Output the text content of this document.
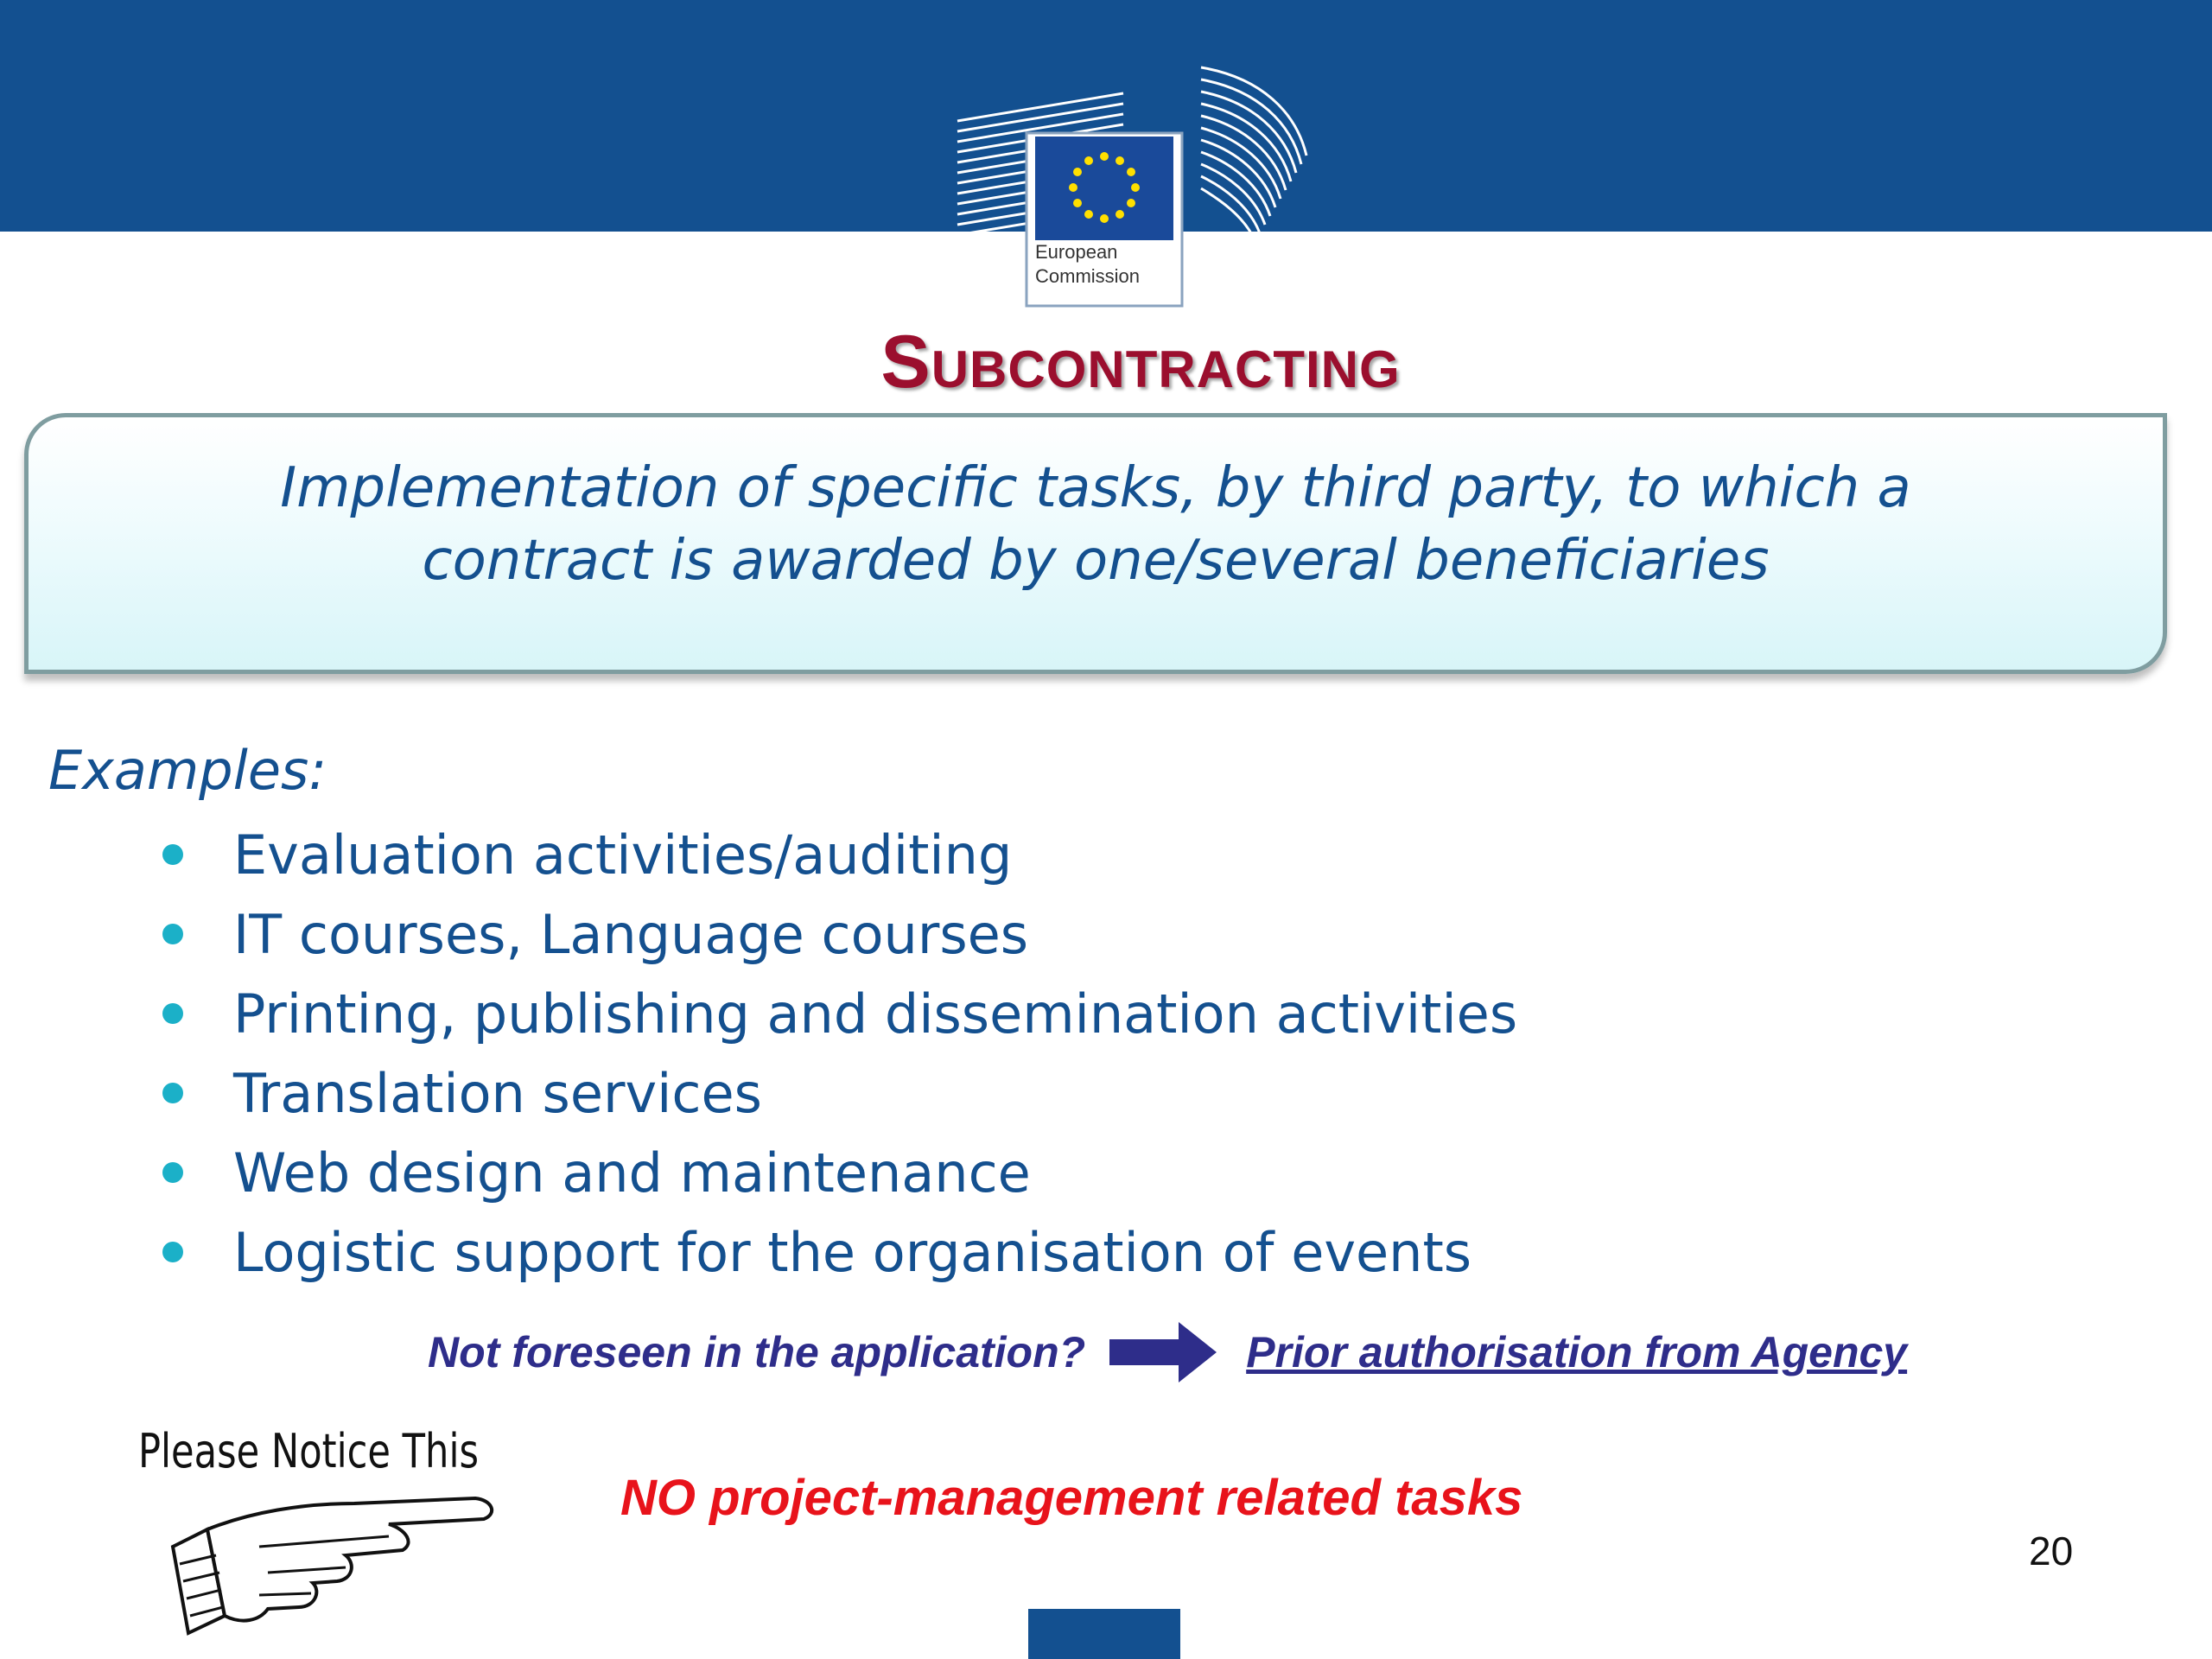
European
Commission
Subcontracting
Implementation of specific tasks, by third party, to which a
contract is awarded by one/several beneficiaries
Examples:
Evaluation activities/auditing
IT courses, Language courses
Printing, publishing and dissemination activities
Translation services
Web design and maintenance
Logistic support for the organisation of events
Not foreseen in the application?	Prior authorisation from Agency
Please Notice This
NO project-management related tasks
20
